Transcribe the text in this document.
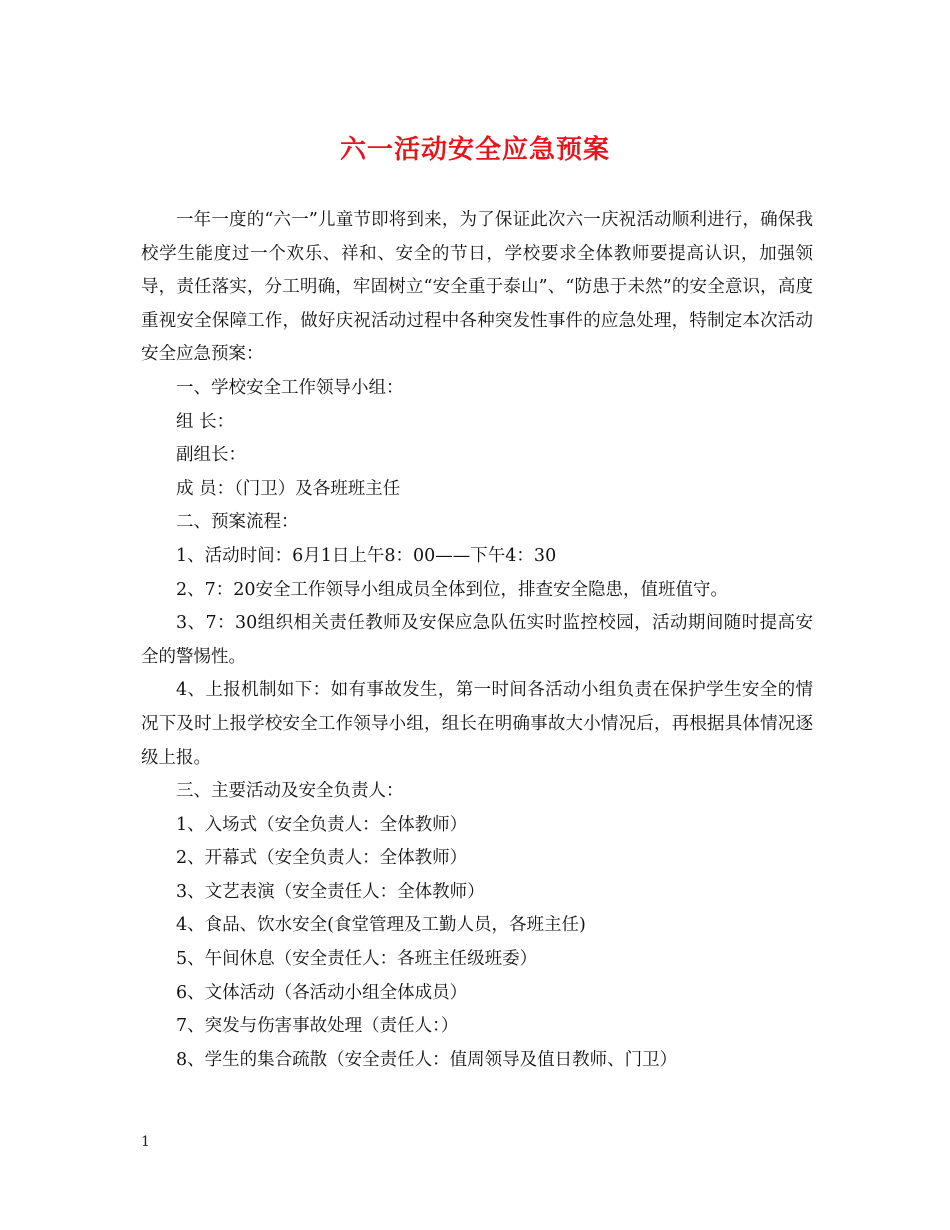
六一活动安全应急预案

一年一度的“六一”儿童节即将到来，为了保证此次六一庆祝活动顺利进行，确保我校学生能度过一个欢乐、祥和、安全的节日，学校要求全体教师要提高认识，加强领导，责任落实，分工明确，牢固树立“安全重于泰山”、“防患于未然”的安全意识，高度重视安全保障工作，做好庆祝活动过程中各种突发性事件的应急处理，特制定本次活动安全应急预案：

一、学校安全工作领导小组：

组 长：

副组长：

成 员：（门卫）及各班班主任

二、预案流程：

1、活动时间：6月1日上午8：00——下午4：30

2、7：20安全工作领导小组成员全体到位，排查安全隐患，值班值守。

3、7：30组织相关责任教师及安保应急队伍实时监控校园，活动期间随时提高安全的警惕性。

4、上报机制如下：如有事故发生，第一时间各活动小组负责在保护学生安全的情况下及时上报学校安全工作领导小组，组长在明确事故大小情况后，再根据具体情况逐级上报。

三、主要活动及安全负责人：

1、入场式（安全负责人：全体教师）

2、开幕式（安全负责人：全体教师）

3、文艺表演（安全责任人：全体教师）

4、食品、饮水安全(食堂管理及工勤人员，各班主任)

5、午间休息（安全责任人：各班主任级班委）

6、文体活动（各活动小组全体成员）

7、突发与伤害事故处理（责任人：）

8、学生的集合疏散（安全责任人：值周领导及值日教师、门卫）

1
